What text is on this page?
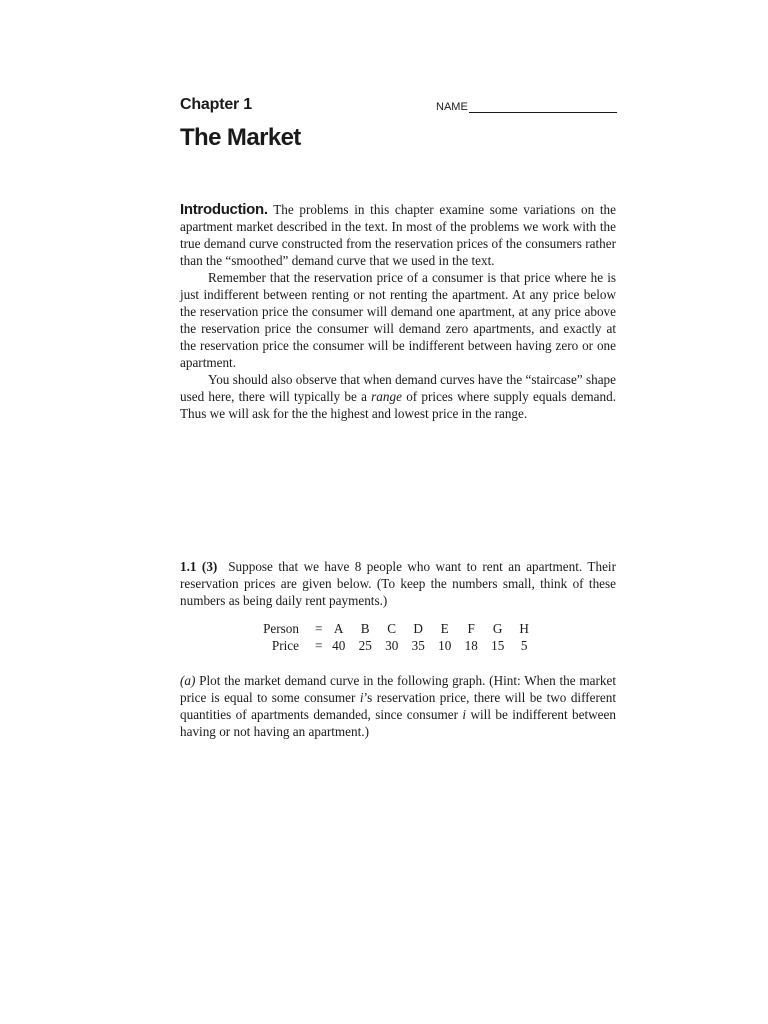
Chapter 1	NAME
The Market

Introduction. The problems in this chapter examine some variations on the apartment market described in the text. In most of the problems we work with the true demand curve constructed from the reservation prices of the consumers rather than the “smoothed” demand curve that we used in the text.

Remember that the reservation price of a consumer is that price where he is just indifferent between renting or not renting the apartment. At any price below the reservation price the consumer will demand one apartment, at any price above the reservation price the consumer will demand zero apartments, and exactly at the reservation price the consumer will be indifferent between having zero or one apartment.

You should also observe that when demand curves have the “staircase” shape used here, there will typically be a range of prices where supply equals demand. Thus we will ask for the the highest and lowest price in the range.

1.1 (3) Suppose that we have 8 people who want to rent an apartment. Their reservation prices are given below. (To keep the numbers small, think of these numbers as being daily rent payments.)

Person	=	A	B	C	D	E	F	G	H
Price	=	40	25	30	35	10	18	15	5

(a) Plot the market demand curve in the following graph. (Hint: When the market price is equal to some consumer i’s reservation price, there will be two different quantities of apartments demanded, since consumer i will be indifferent between having or not having an apartment.)
